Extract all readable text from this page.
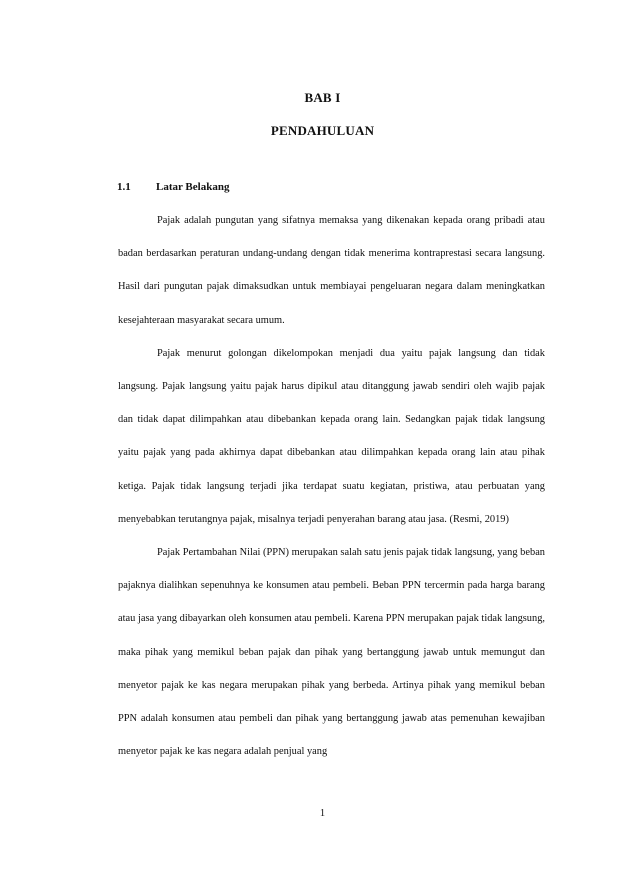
BAB I
PENDAHULUAN
1.1 Latar Belakang

Pajak adalah pungutan yang sifatnya memaksa yang dikenakan kepada orang pribadi atau badan berdasarkan peraturan undang-undang dengan tidak menerima kontraprestasi secara langsung. Hasil dari pungutan pajak dimaksudkan untuk membiayai pengeluaran negara dalam meningkatkan kesejahteraan masyarakat secara umum.

Pajak menurut golongan dikelompokan menjadi dua yaitu pajak langsung dan tidak langsung. Pajak langsung yaitu pajak harus dipikul atau ditanggung jawab sendiri oleh wajib pajak dan tidak dapat dilimpahkan atau dibebankan kepada orang lain. Sedangkan pajak tidak langsung yaitu pajak yang pada akhirnya dapat dibebankan atau dilimpahkan kepada orang lain atau pihak ketiga. Pajak tidak langsung terjadi jika terdapat suatu kegiatan, pristiwa, atau perbuatan yang menyebabkan terutangnya pajak, misalnya terjadi penyerahan barang atau jasa. (Resmi, 2019)

Pajak Pertambahan Nilai (PPN) merupakan salah satu jenis pajak tidak langsung, yang beban pajaknya dialihkan sepenuhnya ke konsumen atau pembeli. Beban PPN tercermin pada harga barang atau jasa yang dibayarkan oleh konsumen atau pembeli. Karena PPN merupakan pajak tidak langsung, maka pihak yang memikul beban pajak dan pihak yang bertanggung jawab untuk memungut dan menyetor pajak ke kas negara merupakan pihak yang berbeda. Artinya pihak yang memikul beban PPN adalah konsumen atau pembeli dan pihak yang bertanggung jawab atas pemenuhan kewajiban menyetor pajak ke kas negara adalah penjual yang

1
